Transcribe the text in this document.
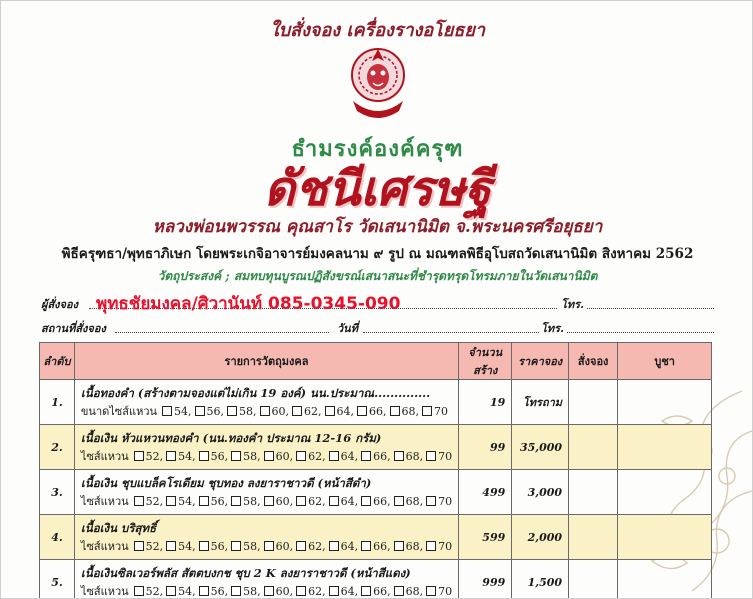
ใบสั่งจอง เครื่องรางอโยธยา
ธำมรงค์องค์ครุฑ
ดัชนีเศรษฐี
หลวงพ่อนพวรรณ คุณสาโร วัดเสนานิมิต จ.พระนครศรีอยุธยา
พิธีครุฑธา/พุทธาภิเษก โดยพระเกจิอาจารย์มงคลนาม ๙ รูป ณ มณฑลพิธีอุโบสถวัดเสนานิมิต สิงหาคม 2562
วัตถุประสงค์ ; สมทบทุนบูรณปฏิสังขรณ์เสนาสนะที่ชำรุดทรุดโทรมภายในวัดเสนานิมิต
ผู้สั่งจอง	โทร.
สถานที่สั่งจอง	วันที่	โทร.
พุทธชัยมงคล/ศิวานันท์ 085-0345-090
ลำดับ	รายการวัตถุมงคล	จำนวนสร้าง	ราคาจอง	สั่งจอง	บูชา
1.	เนื้อทองคำ (สร้างตามจองแต่ไม่เกิน 19 องค์) นน.ประมาณ..............
ขนาดไซส์แหวน 54, 56, 58, 60, 62, 64, 66, 68, 70	19	โทรถาม		
2.	เนื้อเงิน หัวแหวนทองคำ (นน.ทองคำ ประมาณ 12-16 กรัม)
ไซส์แหวน 52, 54, 56, 58, 60, 62, 64, 66, 68, 70	99	35,000		
3.	เนื้อเงิน ชุบแบล็คโรเดียม ชุบทอง ลงยาราชาวดี (หน้าสีดำ)
ไซส์แหวน 52, 54, 56, 58, 60, 62, 64, 66, 68, 70	499	3,000		
4.	เนื้อเงิน บริสุทธิ์
ไซส์แหวน 52, 54, 56, 58, 60, 62, 64, 66, 68, 70	599	2,000		
5.	เนื้อเงินซิลเวอร์พลัส สัตตบงกช ชุบ 2 K ลงยาราชาวดี (หน้าสีแดง)
ไซส์แหวน 52, 54, 56, 58, 60, 62, 64, 66, 68, 70	999	1,500		
